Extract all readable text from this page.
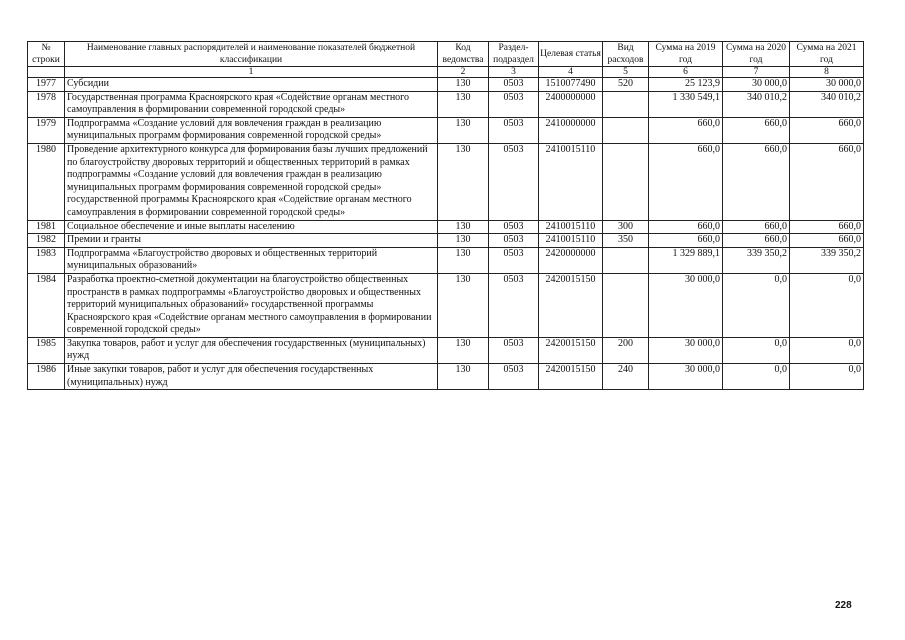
№ строки	Наименование главных распорядителей и наименование показателей бюджетной классификации	Код ведомства	Раздел-подраздел	Целевая статья	Вид расходов	Сумма на 2019 год	Сумма на 2020 год	Сумма на 2021 год
	1	2	3	4	5	6	7	8
1977	Субсидии	130	0503	1510077490	520	25 123,9	30 000,0	30 000,0
1978	Государственная программа Красноярского края «Содействие органам местного самоуправления в формировании современной городской среды»	130	0503	2400000000		1 330 549,1	340 010,2	340 010,2
1979	Подпрограмма «Создание условий для вовлечения граждан в реализацию муниципальных программ формирования современной городской среды»	130	0503	2410000000		660,0	660,0	660,0
1980	Проведение архитектурного конкурса для формирования базы лучших предложений по благоустройству дворовых территорий и общественных территорий в рамках подпрограммы «Создание условий для вовлечения граждан в реализацию муниципальных программ формирования современной городской среды» государственной программы Красноярского края «Содействие органам местного самоуправления в формировании современной городской среды»	130	0503	2410015110		660,0	660,0	660,0
1981	Социальное обеспечение и иные выплаты населению	130	0503	2410015110	300	660,0	660,0	660,0
1982	Премии и гранты	130	0503	2410015110	350	660,0	660,0	660,0
1983	Подпрограмма «Благоустройство дворовых и общественных территорий муниципальных образований»	130	0503	2420000000		1 329 889,1	339 350,2	339 350,2
1984	Разработка проектно-сметной документации на благоустройство общественных пространств в рамках подпрограммы «Благоустройство дворовых и общественных территорий муниципальных образований» государственной программы Красноярского края «Содействие органам местного самоуправления в формировании современной городской среды»	130	0503	2420015150		30 000,0	0,0	0,0
1985	Закупка товаров, работ и услуг для обеспечения государственных (муниципальных) нужд	130	0503	2420015150	200	30 000,0	0,0	0,0
1986	Иные закупки товаров, работ и услуг для обеспечения государственных (муниципальных) нужд	130	0503	2420015150	240	30 000,0	0,0	0,0
228
